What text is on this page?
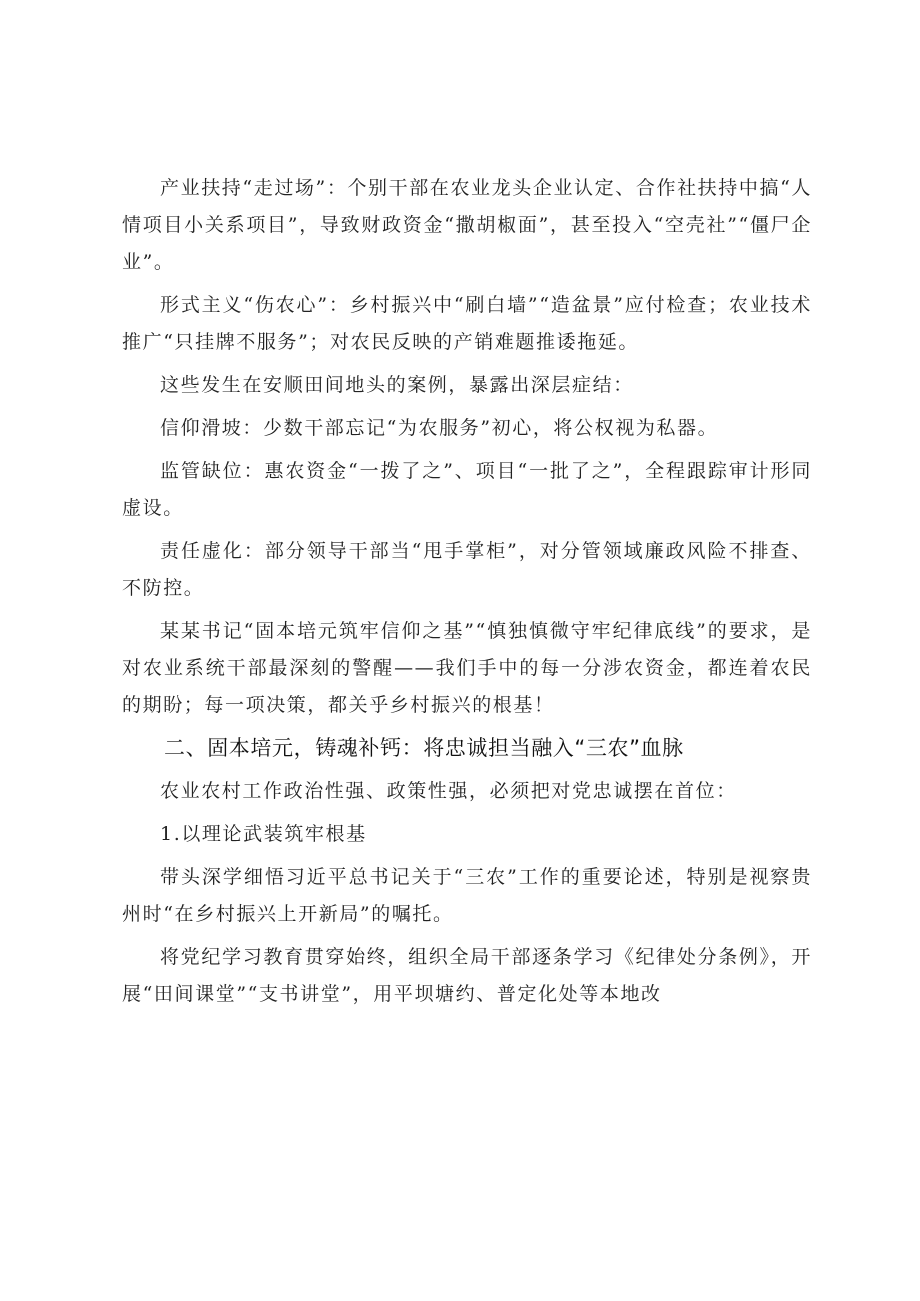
产业扶持“走过场”：个别干部在农业龙头企业认定、合作社扶持中搞“人情项目小关系项目”，导致财政资金“撒胡椒面”，甚至投入“空壳社”“僵尸企业”。

形式主义“伤农心”：乡村振兴中“刷白墙”“造盆景”应付检查；农业技术推广“只挂牌不服务”；对农民反映的产销难题推诿拖延。

这些发生在安顺田间地头的案例，暴露出深层症结：

信仰滑坡：少数干部忘记“为农服务”初心，将公权视为私器。

监管缺位：惠农资金“一拨了之”、项目“一批了之”，全程跟踪审计形同虚设。

责任虚化：部分领导干部当“甩手掌柜”，对分管领域廉政风险不排查、不防控。

某某书记“固本培元筑牢信仰之基”“慎独慎微守牢纪律底线”的要求，是对农业系统干部最深刻的警醒——我们手中的每一分涉农资金，都连着农民的期盼；每一项决策，都关乎乡村振兴的根基！

二、固本培元，铸魂补钙：将忠诚担当融入“三农”血脉

农业农村工作政治性强、政策性强，必须把对党忠诚摆在首位：

1.以理论武装筑牢根基

带头深学细悟习近平总书记关于“三农”工作的重要论述，特别是视察贵州时“在乡村振兴上开新局”的嘱托。

将党纪学习教育贯穿始终，组织全局干部逐条学习《纪律处分条例》，开展“田间课堂”“支书讲堂”，用平坝塘约、普定化处等本地改
